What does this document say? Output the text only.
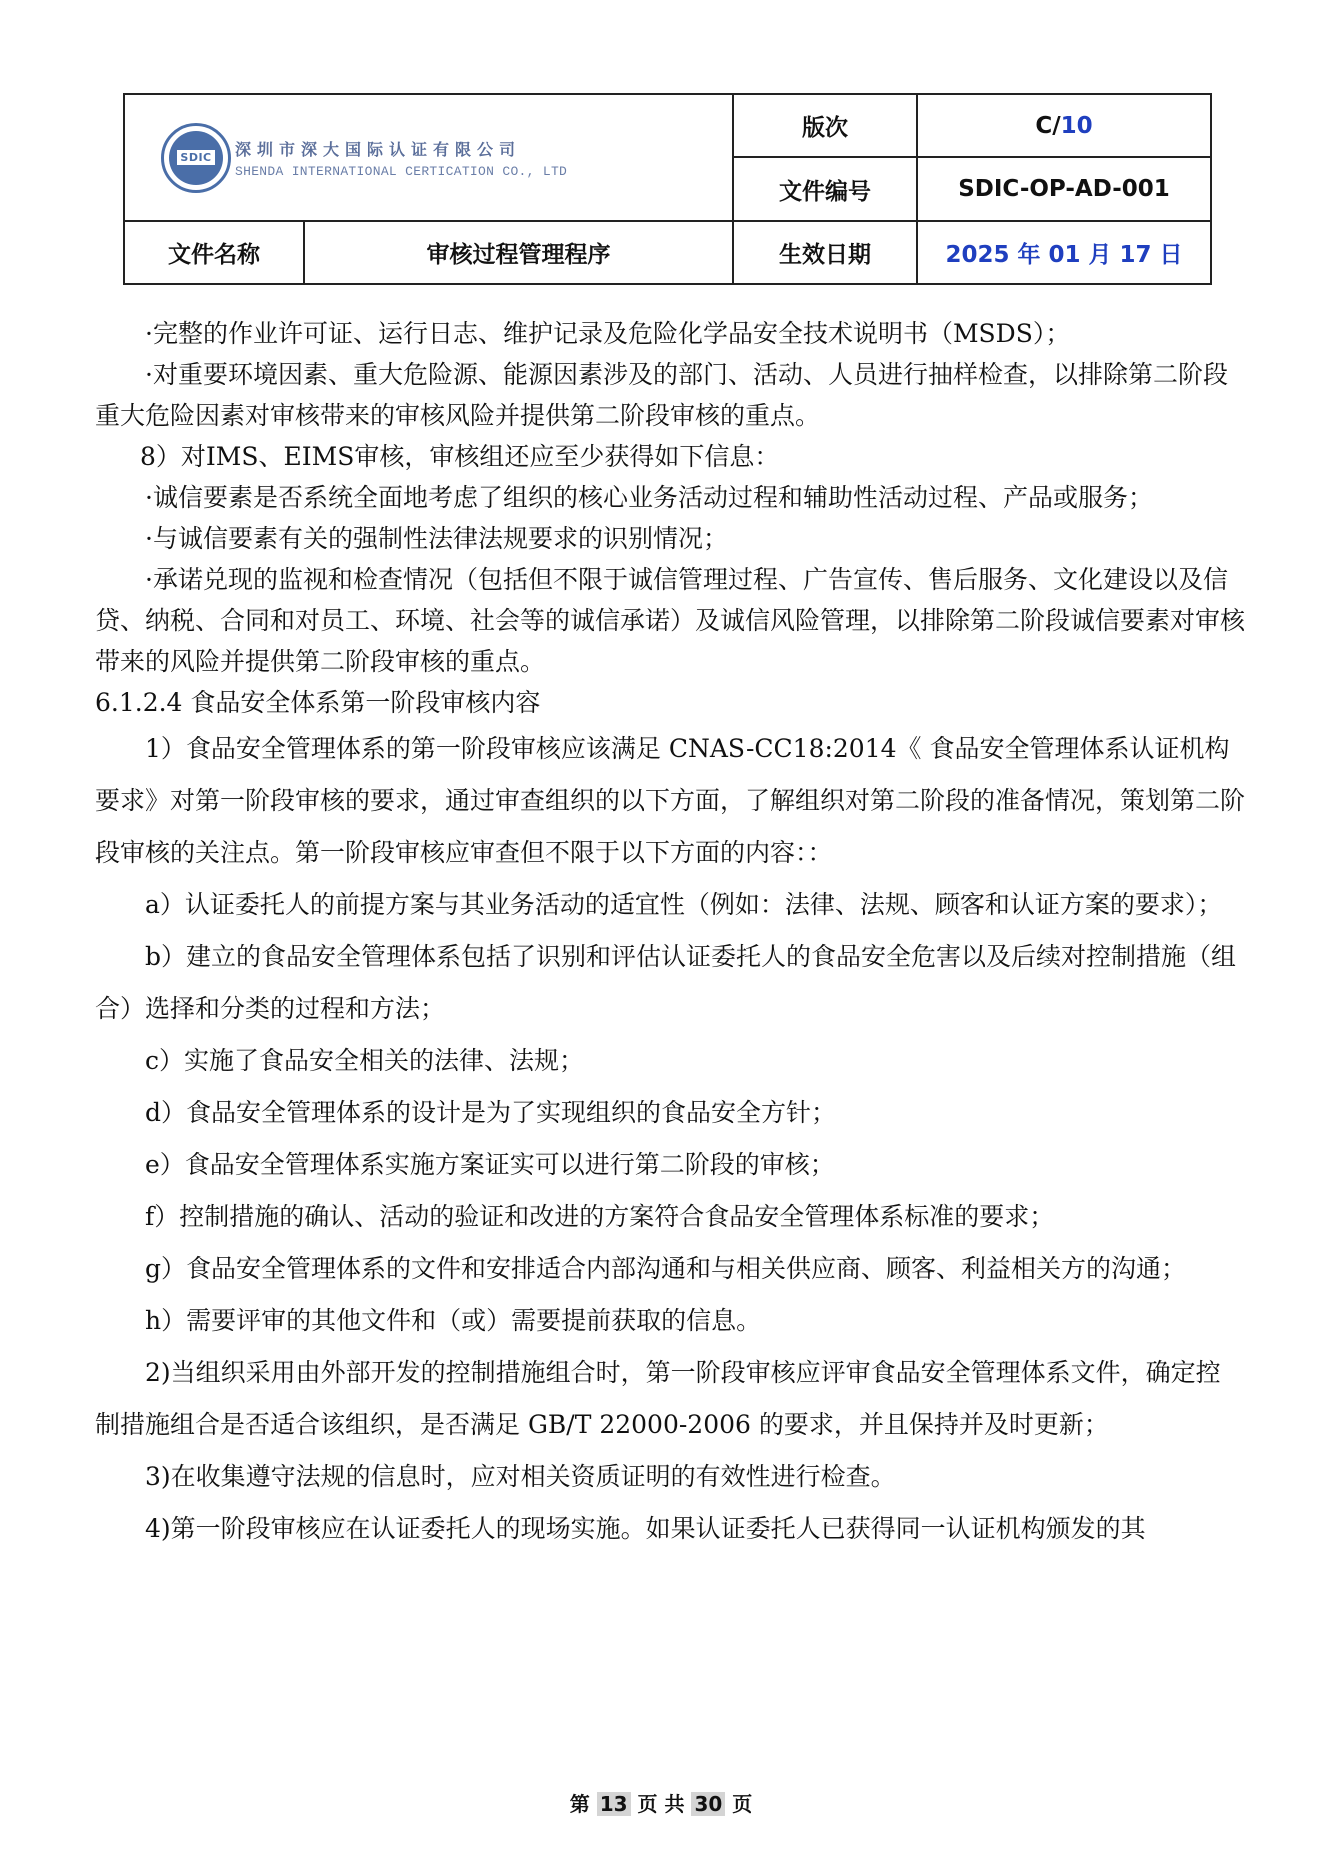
SDIC 深圳市深大国际认证有限公司
SHENDA INTERNATIONAL CERTICATION CO., LTD		版次	C/10
		文件编号	SDIC-OP-AD-001
文件名称	审核过程管理程序	生效日期	2025 年 01 月 17 日

·完整的作业许可证、运行日志、维护记录及危险化学品安全技术说明书（MSDS）；

·对重要环境因素、重大危险源、能源因素涉及的部门、活动、人员进行抽样检查，以排除第二阶段重大危险因素对审核带来的审核风险并提供第二阶段审核的重点。

8）对IMS、EIMS审核，审核组还应至少获得如下信息：

·诚信要素是否系统全面地考虑了组织的核心业务活动过程和辅助性活动过程、产品或服务；

·与诚信要素有关的强制性法律法规要求的识别情况；

·承诺兑现的监视和检查情况（包括但不限于诚信管理过程、广告宣传、售后服务、文化建设以及信贷、纳税、合同和对员工、环境、社会等的诚信承诺）及诚信风险管理，以排除第二阶段诚信要素对审核带来的风险并提供第二阶段审核的重点。

6.1.2.4 食品安全体系第一阶段审核内容

1）食品安全管理体系的第一阶段审核应该满足 CNAS-CC18:2014《 食品安全管理体系认证机构要求》对第一阶段审核的要求，通过审查组织的以下方面，了解组织对第二阶段的准备情况，策划第二阶段审核的关注点。第一阶段审核应审查但不限于以下方面的内容：：

a）认证委托人的前提方案与其业务活动的适宜性（例如：法律、法规、顾客和认证方案的要求）；

b）建立的食品安全管理体系包括了识别和评估认证委托人的食品安全危害以及后续对控制措施（组合）选择和分类的过程和方法；

c）实施了食品安全相关的法律、法规；

d）食品安全管理体系的设计是为了实现组织的食品安全方针；

e）食品安全管理体系实施方案证实可以进行第二阶段的审核；

f）控制措施的确认、活动的验证和改进的方案符合食品安全管理体系标准的要求；

g）食品安全管理体系的文件和安排适合内部沟通和与相关供应商、顾客、利益相关方的沟通；

h）需要评审的其他文件和（或）需要提前获取的信息。

2)当组织采用由外部开发的控制措施组合时，第一阶段审核应评审食品安全管理体系文件，确定控制措施组合是否适合该组织，是否满足 GB/T 22000-2006 的要求，并且保持并及时更新；

3)在收集遵守法规的信息时，应对相关资质证明的有效性进行检查。

4)第一阶段审核应在认证委托人的现场实施。如果认证委托人已获得同一认证机构颁发的其

第 13 页 共 30 页
